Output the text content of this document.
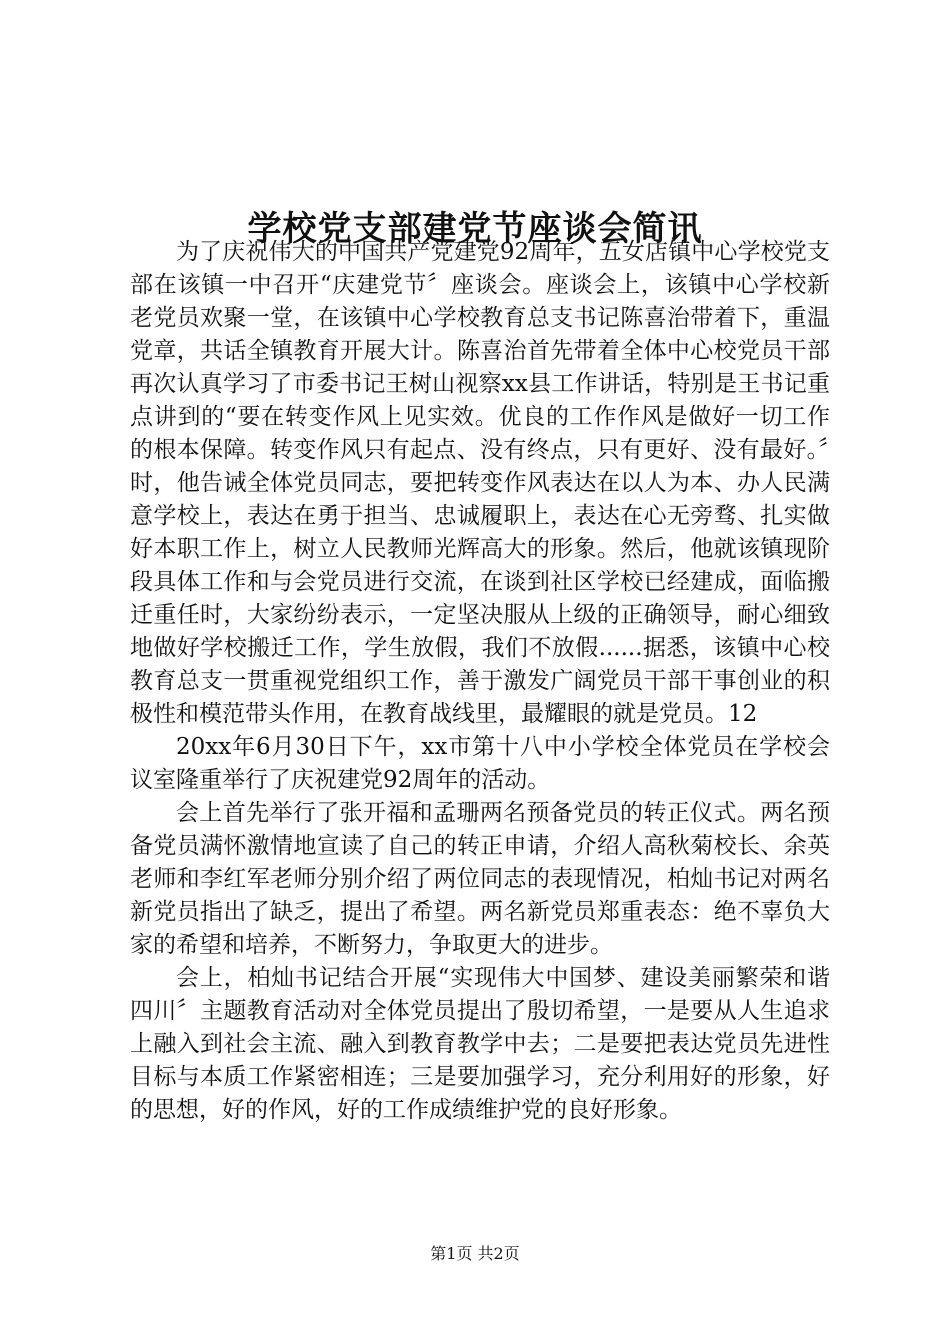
学校党支部建党节座谈会简讯

为了庆祝伟大的中国共产党建党92周年，五女店镇中心学校党支部在该镇一中召开“庆建党节〞座谈会。座谈会上，该镇中心学校新老党员欢聚一堂，在该镇中心学校教育总支书记陈喜治带着下，重温党章，共话全镇教育开展大计。陈喜治首先带着全体中心校党员干部再次认真学习了市委书记王树山视察xx县工作讲话，特别是王书记重点讲到的“要在转变作风上见实效。优良的工作作风是做好一切工作的根本保障。转变作风只有起点、没有终点，只有更好、没有最好。〞时，他告诫全体党员同志，要把转变作风表达在以人为本、办人民满意学校上，表达在勇于担当、忠诚履职上，表达在心无旁骛、扎实做好本职工作上，树立人民教师光辉高大的形象。然后，他就该镇现阶段具体工作和与会党员进行交流，在谈到社区学校已经建成，面临搬迁重任时，大家纷纷表示，一定坚决服从上级的正确领导，耐心细致地做好学校搬迁工作，学生放假，我们不放假......据悉，该镇中心校教育总支一贯重视党组织工作，善于激发广阔党员干部干事创业的积极性和模范带头作用，在教育战线里，最耀眼的就是党员。12

20xx年6月30日下午，xx市第十八中小学校全体党员在学校会议室隆重举行了庆祝建党92周年的活动。

会上首先举行了张开福和孟珊两名预备党员的转正仪式。两名预备党员满怀激情地宣读了自己的转正申请，介绍人高秋菊校长、余英老师和李红军老师分别介绍了两位同志的表现情况，柏灿书记对两名新党员指出了缺乏，提出了希望。两名新党员郑重表态：绝不辜负大家的希望和培养，不断努力，争取更大的进步。

会上，柏灿书记结合开展“实现伟大中国梦、建设美丽繁荣和谐四川〞主题教育活动对全体党员提出了殷切希望，一是要从人生追求上融入到社会主流、融入到教育教学中去；二是要把表达党员先进性目标与本质工作紧密相连；三是要加强学习，充分利用好的形象，好的思想，好的作风，好的工作成绩维护党的良好形象。

第1页 共2页
